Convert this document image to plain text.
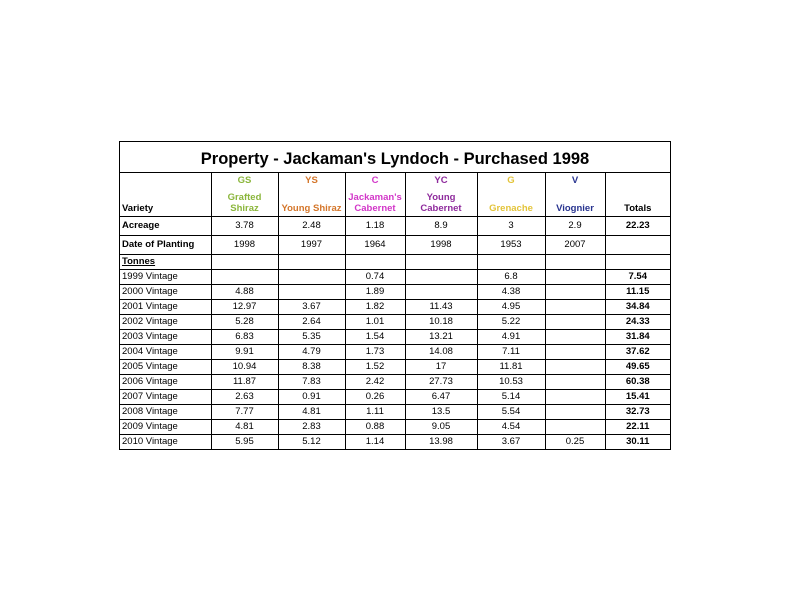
Property - Jackaman's Lyndoch - Purchased 1998
	GS	YS	C	YC	G	V	
Variety	Grafted Shiraz	Young Shiraz	Jackaman's Cabernet	Young Cabernet	Grenache	Viognier	Totals
Acreage	3.78	2.48	1.18	8.9	3	2.9	22.23
Date of Planting	1998	1997	1964	1998	1953	2007	
Tonnes							
1999 Vintage			0.74		6.8		7.54
2000 Vintage	4.88		1.89		4.38		11.15
2001 Vintage	12.97	3.67	1.82	11.43	4.95		34.84
2002 Vintage	5.28	2.64	1.01	10.18	5.22		24.33
2003 Vintage	6.83	5.35	1.54	13.21	4.91		31.84
2004 Vintage	9.91	4.79	1.73	14.08	7.11		37.62
2005 Vintage	10.94	8.38	1.52	17	11.81		49.65
2006 Vintage	11.87	7.83	2.42	27.73	10.53		60.38
2007 Vintage	2.63	0.91	0.26	6.47	5.14		15.41
2008 Vintage	7.77	4.81	1.11	13.5	5.54		32.73
2009 Vintage	4.81	2.83	0.88	9.05	4.54		22.11
2010 Vintage	5.95	5.12	1.14	13.98	3.67	0.25	30.11
